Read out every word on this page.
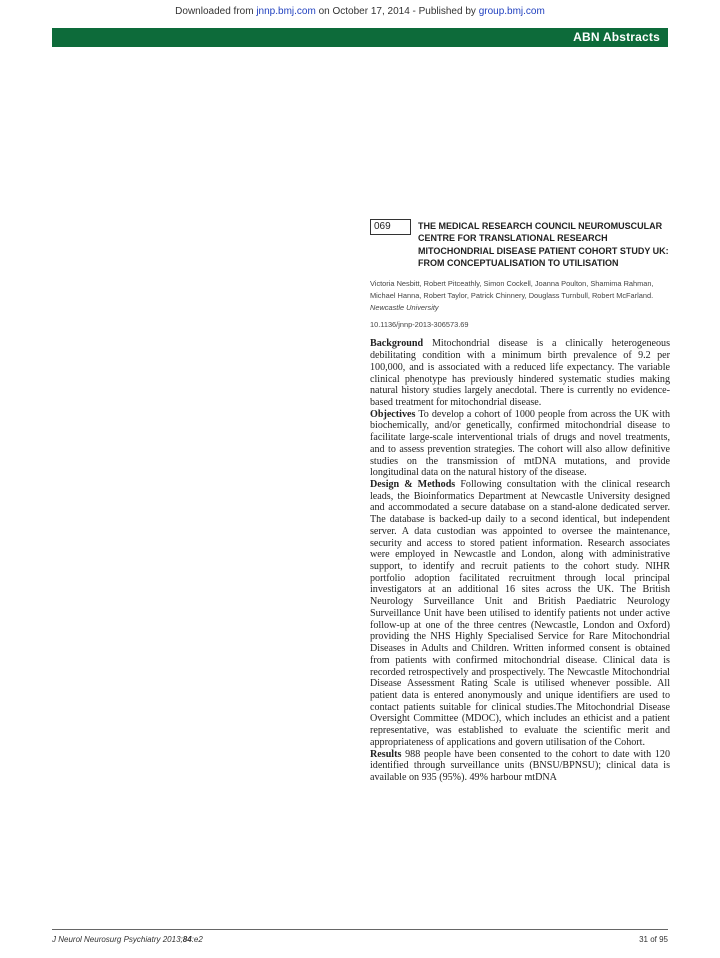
Downloaded from jnnp.bmj.com on October 17, 2014 - Published by group.bmj.com
ABN Abstracts
069	THE MEDICAL RESEARCH COUNCIL NEUROMUSCULAR CENTRE FOR TRANSLATIONAL RESEARCH MITOCHONDRIAL DISEASE PATIENT COHORT STUDY UK: FROM CONCEPTUALISATION TO UTILISATION
Victoria Nesbitt, Robert Pitceathly, Simon Cockell, Joanna Poulton, Shamima Rahman, Michael Hanna, Robert Taylor, Patrick Chinnery, Douglass Turnbull, Robert McFarland. Newcastle University
10.1136/jnnp-2013-306573.69

Background Mitochondrial disease is a clinically heterogeneous debilitating condition with a minimum birth prevalence of 9.2 per 100,000, and is associated with a reduced life expectancy. The variable clinical phenotype has previously hindered systematic studies making natural history studies largely anecdotal. There is currently no evidence-based treatment for mitochondrial disease.

Objectives To develop a cohort of 1000 people from across the UK with biochemically, and/or genetically, confirmed mitochondrial disease to facilitate large-scale interventional trials of drugs and novel treatments, and to assess prevention strategies. The cohort will also allow definitive studies on the transmission of mtDNA mutations, and provide longitudinal data on the natural history of the disease.

Design & Methods Following consultation with the clinical research leads, the Bioinformatics Department at Newcastle University designed and accommodated a secure database on a stand-alone dedicated server. The database is backed-up daily to a second identical, but independent server. A data custodian was appointed to oversee the maintenance, security and access to stored patient information. Research associates were employed in Newcastle and London, along with administrative support, to identify and recruit patients to the cohort study. NIHR portfolio adoption facilitated recruitment through local principal investigators at an additional 16 sites across the UK. The British Neurology Surveillance Unit and British Paediatric Neurology Surveillance Unit have been utilised to identify patients not under active follow-up at one of the three centres (Newcastle, London and Oxford) providing the NHS Highly Specialised Service for Rare Mitochondrial Diseases in Adults and Children. Written informed consent is obtained from patients with confirmed mitochondrial disease. Clinical data is recorded retrospectively and prospectively. The Newcastle Mitochondrial Disease Assessment Rating Scale is utilised whenever possible. All patient data is entered anonymously and unique identifiers are used to contact patients suitable for clinical studies.The Mitochondrial Disease Oversight Committee (MDOC), which includes an ethicist and a patient representative, was established to evaluate the scientific merit and appropriateness of applications and govern utilisation of the Cohort.

Results 988 people have been consented to the cohort to date with 120 identified through surveillance units (BNSU/BPNSU); clinical data is available on 935 (95%). 49% harbour mtDNA

J Neurol Neurosurg Psychiatry 2013;84:e2	31 of 95
